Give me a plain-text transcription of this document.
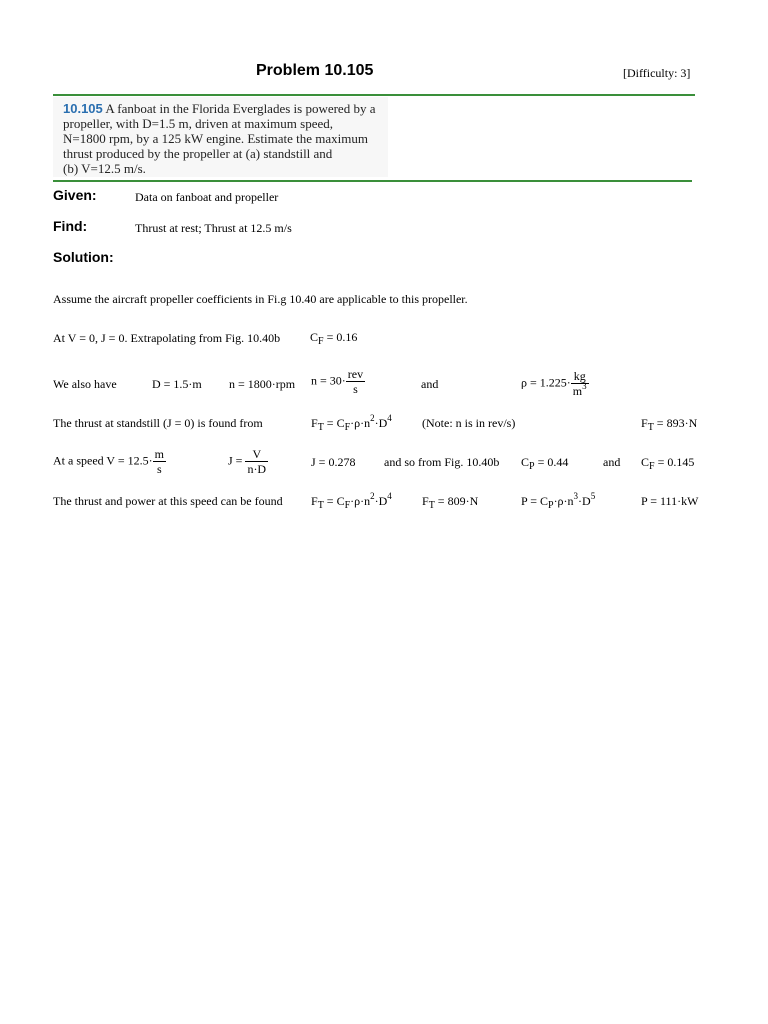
Problem 10.105	[Difficulty: 3]
10.105 A fanboat in the Florida Everglades is powered by a
propeller, with D=1.5 m, driven at maximum speed,
N=1800 rpm, by a 125 kW engine. Estimate the maximum
thrust produced by the propeller at (a) standstill and
(b) V=12.5 m/s.
Given:	Data on fanboat and propeller
Find:	Thrust at rest; Thrust at 12.5 m/s
Solution:
Assume the aircraft propeller coefficients in Fi.g 10.40 are applicable to this propeller.
At V = 0, J = 0. Extrapolating from Fig. 10.40b $C_F = 0.16$
We also have	D = 1.5·m n = 1800·rpm $n = 30\cdot \frac{\text{rev}}{s}$	and	$\rho = 1.225\cdot \frac{kg}{m^3}$
The thrust at standstill (J = 0) is found from	$F_T = C_F\cdot\rho\cdot n^2\cdot D^4$	(Note: n is in rev/s)	$F_T = 893\cdot N$
At a speed $V = 12.5\cdot \frac{m}{s}$	$J = \frac{V}{n\cdot D}$	J = 0.278 and so from Fig. 10.40b $C_P = 0.44$	and $C_F = 0.145$
The thrust and power at this speed can be found $F_T = C_F\cdot\rho\cdot n^2\cdot D^4$	$F_T = 809\cdot N$	$P = C_P\cdot\rho\cdot n^3\cdot D^5$	P = 111·kW
